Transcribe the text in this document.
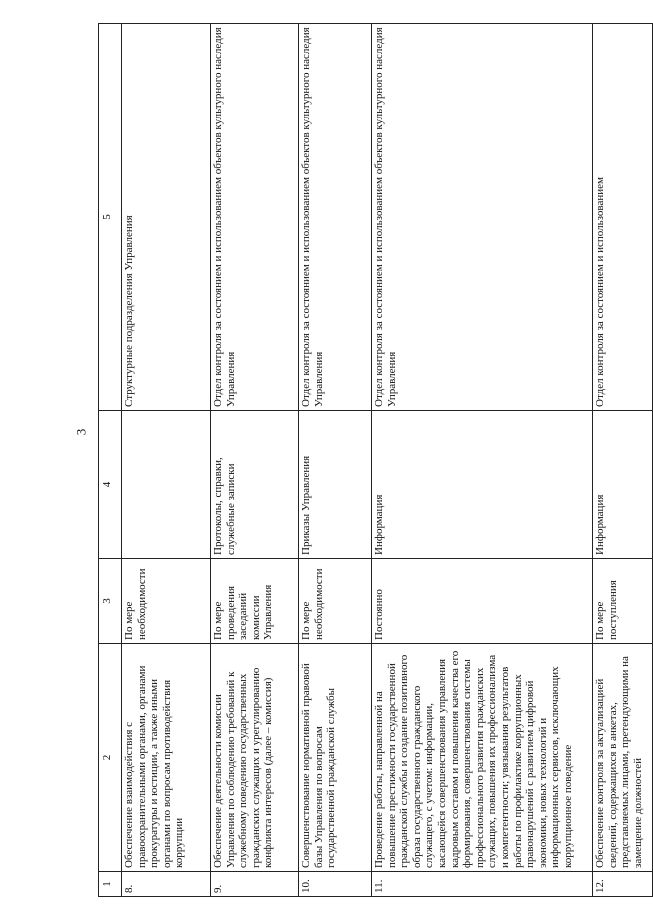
3
1	2	3	4	5
8.	Обеспечение взаимодействия с правоохранительными органами, органами прокуратуры и юстиции, а также иными органами по вопросам противодействия коррупции	По мере необходимости		Структурные подразделения Управления
9.	Обеспечение деятельности комиссии Управления по соблюдению требований к служебному поведению государственных гражданских служащих и урегулированию конфликта интересов (далее – комиссия)	По мере проведения заседаний комиссии Управления	Протоколы, справки, служебные записки	Отдел контроля за состоянием и использованием объектов культурного наследия Управления
10.	Совершенствование нормативной правовой базы Управления по вопросам государственной гражданской службы	По мере необходимости	Приказы Управления	Отдел контроля за состоянием и использованием объектов культурного наследия Управления
11.	Проведение работы, направленной на повышение престижности государственной гражданской службы и создание позитивного образа государственного гражданского служащего, с учетом: информации, касающейся совершенствования управления кадровым составом и повышения качества его формирования, совершенствования системы профессионального развития гражданских служащих, повышения их профессионализма и компетентности; увязывания результатов работы по профилактике коррупционных правонарушений с развитием цифровой экономики, новых технологий и информационных сервисов, исключающих коррупционное поведение	Постоянно	Информация	Отдел контроля за состоянием и использованием объектов культурного наследия Управления
12.	Обеспечение контроля за актуализацией сведений, содержащихся в анкетах, представляемых лицами, претендующими на замещение должностей	По мере поступления	Информация	Отдел контроля за состоянием и использованием
